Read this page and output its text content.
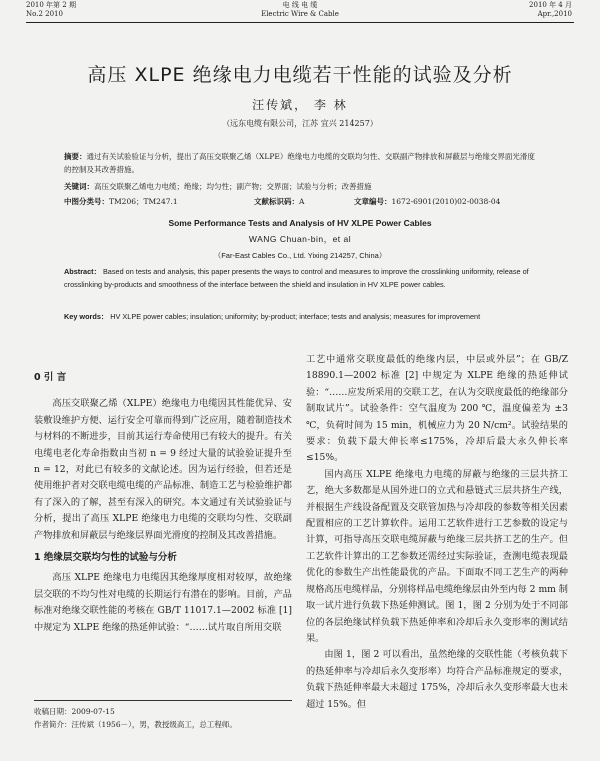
2010 年第 2 期
No.2 2010
电 线 电 缆
Electric Wire & Cable
2010 年 4 月
Apr.,2010
高压 XLPE 绝缘电力电缆若干性能的试验及分析
汪传斌， 李 林
（远东电缆有限公司，江苏 宜兴 214257）
摘要：通过有关试验验证与分析，提出了高压交联聚乙烯（XLPE）绝缘电力电缆的交联均匀性、交联副产物排放和屏蔽层与绝缘交界面光滑度的控制及其改善措施。
关键词：高压交联聚乙烯电力电缆；绝缘；均匀性；副产物；交界面；试验与分析；改善措施
中图分类号：TM206；TM247.1	文献标识码：A	文章编号：1672-6901(2010)02-0038-04
Some Performance Tests and Analysis of HV XLPE Power Cables
WANG Chuan-bin，et al
（Far-East Cables Co., Ltd. Yixing 214257, China）
Abstract： Based on tests and analysis, this paper presents the ways to control and measures to improve the crosslinking uniformity, release of crosslinking by-products and smoothness of the interface between the shield and insulation in HV XLPE power cables.
Key words： HV XLPE power cables; insulation; uniformity; by-product; interface; tests and analysis; measures for improvement
0 引 言

高压交联聚乙烯（XLPE）绝缘电力电缆因其性能优异、安装敷设维护方便、运行安全可靠而得到广泛应用，随着制造技术与材料的不断进步，目前其运行寿命使用已有较大的提升。有关电缆电老化寿命指数由当初 n = 9 经过大量的试验验证提升至 n = 12，对此已有较多的文献论述。因为运行经验，但若还是使用维护者对交联电缆电缆的产品标准、制造工艺与检验维护都有了深入的了解，甚至有深入的研究。本文通过有关试验验证与分析，提出了高压 XLPE 绝缘电力电缆的交联均匀性、交联副产物排放和屏蔽层与绝缘层界面光滑度的控制及其改善措施。

1 绝缘层交联均匀性的试验与分析

高压 XLPE 绝缘电力电缆因其绝缘厚度相对较厚，故绝缘层交联的不均匀性对电缆的长期运行有潜在的影响。目前，产品标准对绝缘交联性能的考核在 GB/T 11017.1—2002 标准 [1] 中规定为 XLPE 绝缘的热延伸试验：“……试片取自所用交联

收稿日期：2009-07-15
作者简介：汪传斌（1956－），男，教授级高工，总工程师。

工艺中通常交联度最低的绝缘内层，中层或外层”；在 GB/Z 18890.1—2002 标准 [2] 中规定为 XLPE 绝缘的热延伸试验：“……应发所采用的交联工艺，在认为交联度最低的绝缘部分制取试片”。试验条件：空气温度为 200 ℃，温度偏差为 ±3 ℃，负荷时间为 15 min，机械应力为 20 N/cm²。试验结果的要求：负载下最大伸长率≤175%，冷却后最大永久伸长率≤15%。

国内高压 XLPE 绝缘电力电缆的屏蔽与绝缘的三层共挤工艺，绝大多数都是从国外进口的立式和悬链式三层共挤生产线，并根据生产线设备配置及交联管加热与冷却段的参数等相关因素配置相应的工艺计算软件。运用工艺软件进行工艺参数的设定与计算，可指导高压交联电缆屏蔽与绝缘三层共挤工艺的生产。但工艺软件计算出的工艺参数还需经过实际验证，查测电缆表现最优化的参数生产出性能最优的产品。下面取不同工艺生产的两种规格高压电缆样品，分别将样品电缆绝缘层由外至内每 2 mm 制取一试片进行负载下热延伸测试。图 1，图 2 分别为处于不同部位的各层绝缘试样负载下热延伸率和冷却后永久变形率的测试结果。

由图 1，图 2 可以看出，虽然绝缘的交联性能（考核负载下的热延伸率与冷却后永久变形率）均符合产品标准规定的要求，负载下热延伸率最大未超过 175%，冷却后永久变形率最大也未超过 15%。但
